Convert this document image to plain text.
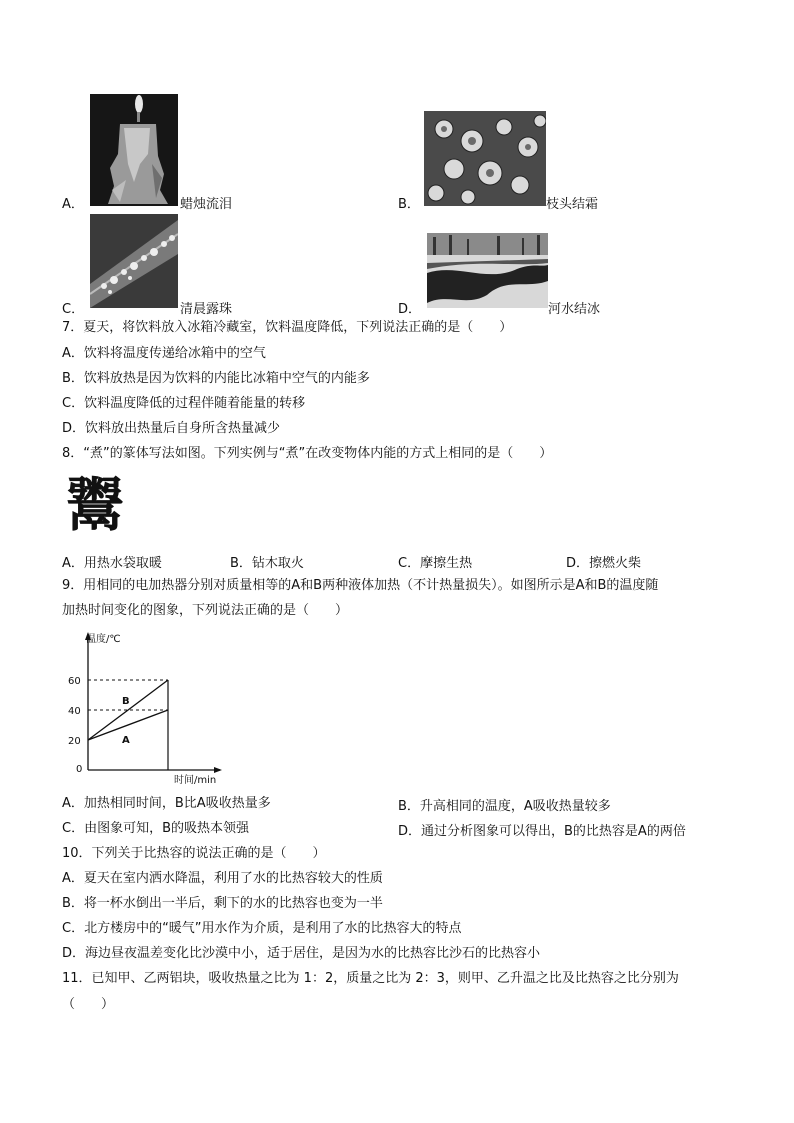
A．	蜡烛流泪	B．	枝头结霜
C．	清晨露珠	D．	河水结冰
7．夏天，将饮料放入冰箱冷藏室，饮料温度降低，下列说法正确的是（　　）
A．饮料将温度传递给冰箱中的空气
B．饮料放热是因为饮料的内能比冰箱中空气的内能多
C．饮料温度降低的过程伴随着能量的转移
D．饮料放出热量后自身所含热量减少
8．“煮”的篆体写法如图。下列实例与“煮”在改变物体内能的方式上相同的是（　　）
鬻
A．用热水袋取暖	B．钻木取火	C．摩擦生热	D．擦燃火柴
9．用相同的电加热器分别对质量相等的A和B两种液体加热（不计热量损失）。如图所示是A和B的温度随
加热时间变化的图象，下列说法正确的是（　　）
温度/℃
时间/min
0
20
40
60
B
A
A．加热相同时间，B比A吸收热量多	B．升高相同的温度，A吸收热量较多
C．由图象可知，B的吸热本领强	D．通过分析图象可以得出，B的比热容是A的两倍
10．下列关于比热容的说法正确的是（　　）
A．夏天在室内洒水降温，利用了水的比热容较大的性质
B．将一杯水倒出一半后，剩下的水的比热容也变为一半
C．北方楼房中的“暖气”用水作为介质，是利用了水的比热容大的特点
D．海边昼夜温差变化比沙漠中小，适于居住，是因为水的比热容比沙石的比热容小
11．已知甲、乙两铝块，吸收热量之比为 1：2，质量之比为 2：3，则甲、乙升温之比及比热容之比分别为
（　　）
